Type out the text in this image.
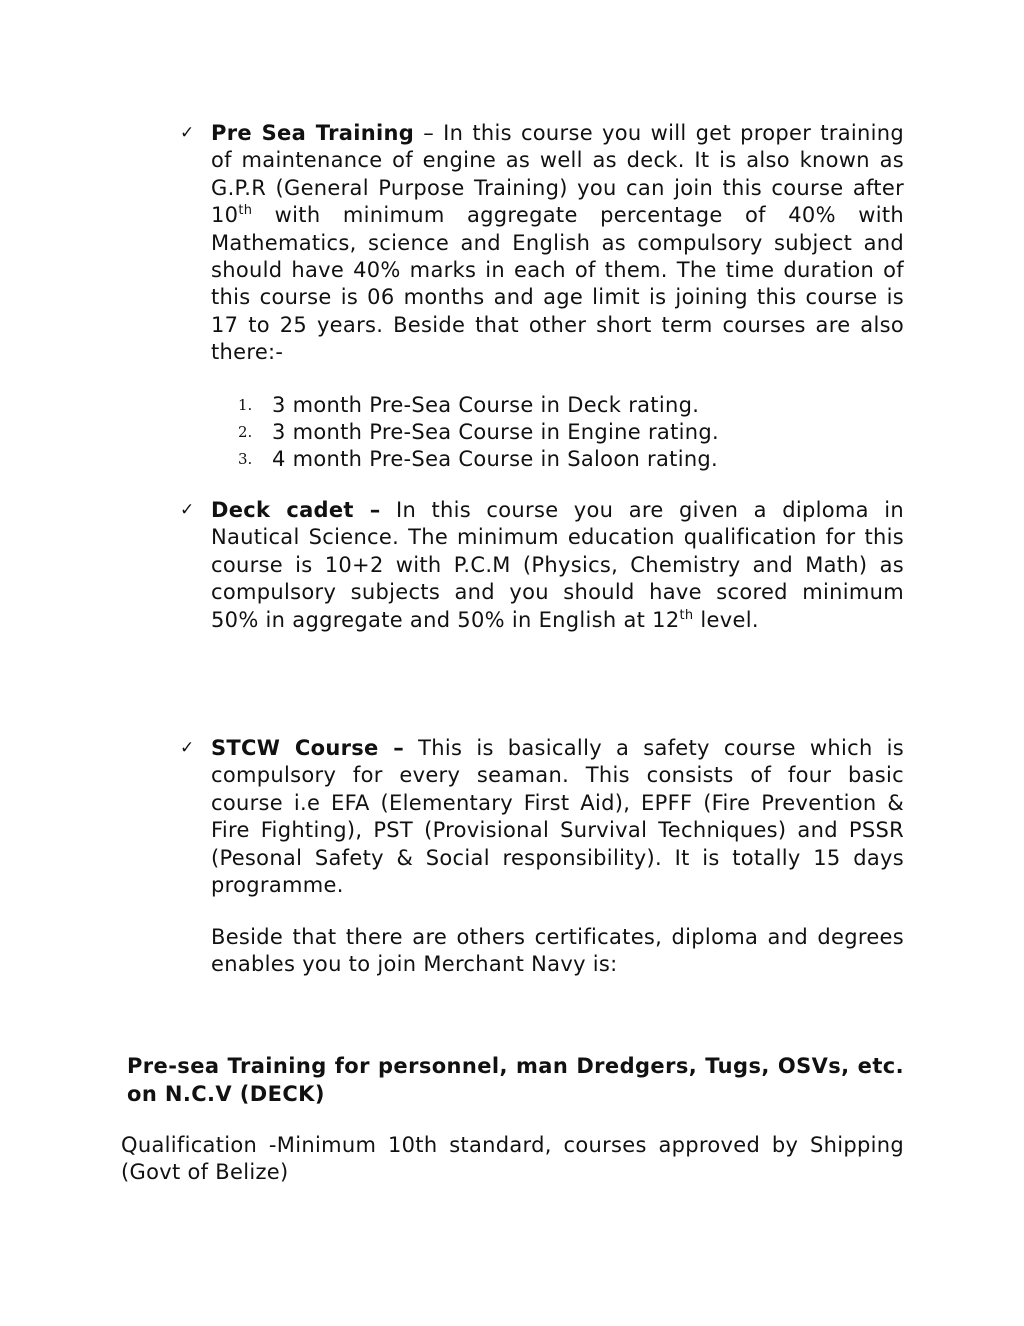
✓ Pre Sea Training – In this course you will get proper training of maintenance of engine as well as deck. It is also known as G.P.R (General Purpose Training) you can join this course after 10th with minimum aggregate percentage of 40% with Mathematics, science and English as compulsory subject and should have 40% marks in each of them. The time duration of this course is 06 months and age limit is joining this course is 17 to 25 years. Beside that other short term courses are also there:-
1. 3 month Pre-Sea Course in Deck rating.
2. 3 month Pre-Sea Course in Engine rating.
3. 4 month Pre-Sea Course in Saloon rating.
✓ Deck cadet – In this course you are given a diploma in Nautical Science. The minimum education qualification for this course is 10+2 with P.C.M (Physics, Chemistry and Math) as compulsory subjects and you should have scored minimum 50% in aggregate and 50% in English at 12th level.
✓ STCW Course – This is basically a safety course which is compulsory for every seaman. This consists of four basic course i.e EFA (Elementary First Aid), EPFF (Fire Prevention & Fire Fighting), PST (Provisional Survival Techniques) and PSSR (Pesonal Safety & Social responsibility). It is totally 15 days programme.
Beside that there are others certificates, diploma and degrees    enables you to join Merchant Navy is:
Pre-sea Training for personnel, man Dredgers, Tugs, OSVs, etc. on N.C.V (DECK)
Qualification -Minimum 10th standard, courses approved by Shipping (Govt of Belize)
